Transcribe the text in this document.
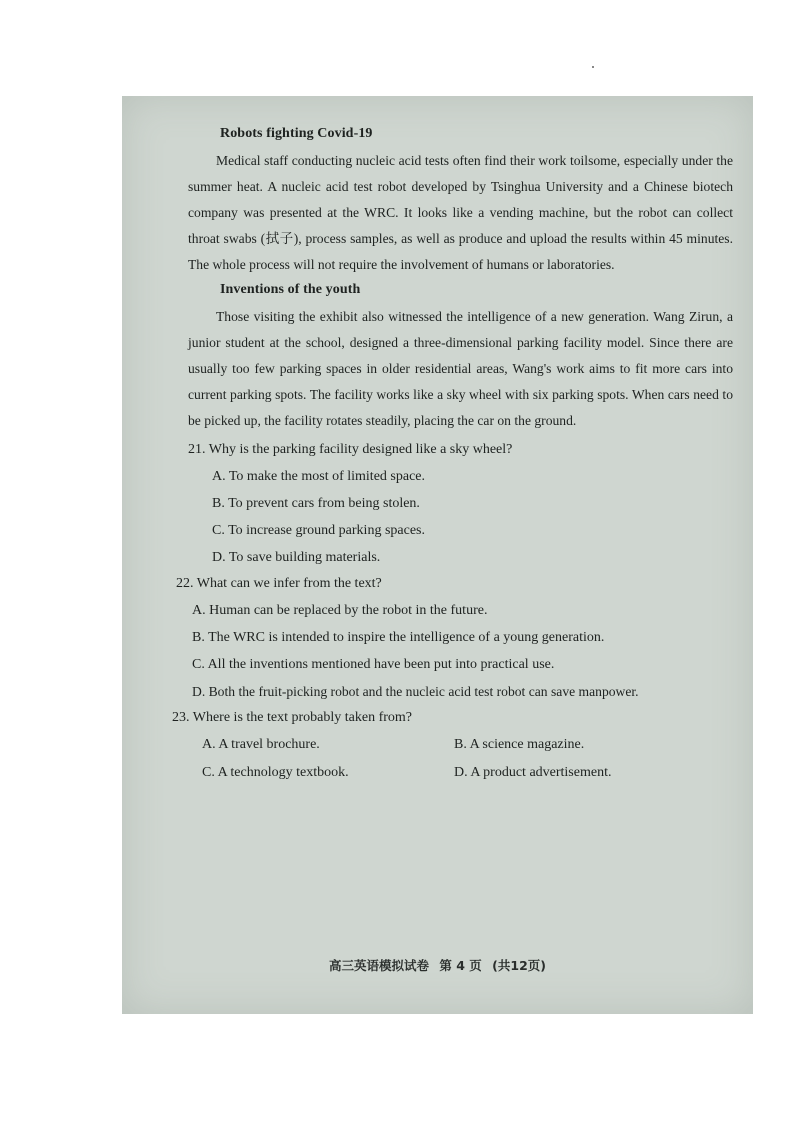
Robots fighting Covid-19

Medical staff conducting nucleic acid tests often find their work toilsome, especially under the summer heat. A nucleic acid test robot developed by Tsinghua University and a Chinese biotech company was presented at the WRC. It looks like a vending machine, but the robot can collect throat swabs (拭子), process samples, as well as produce and upload the results within 45 minutes. The whole process will not require the involvement of humans or laboratories.

Inventions of the youth

Those visiting the exhibit also witnessed the intelligence of a new generation. Wang Zirun, a junior student at the school, designed a three-dimensional parking facility model. Since there are usually too few parking spaces in older residential areas, Wang's work aims to fit more cars into current parking spots. The facility works like a sky wheel with six parking spots. When cars need to be picked up, the facility rotates steadily, placing the car on the ground.

21. Why is the parking facility designed like a sky wheel?

A. To make the most of limited space.

B. To prevent cars from being stolen.

C. To increase ground parking spaces.

D. To save building materials.

22. What can we infer from the text?

A. Human can be replaced by the robot in the future.

B. The WRC is intended to inspire the intelligence of a young generation.

C. All the inventions mentioned have been put into practical use.

D. Both the fruit-picking robot and the nucleic acid test robot can save manpower.

23. Where is the text probably taken from?

A. A travel brochure.	B. A science magazine.
C. A technology textbook.	D. A product advertisement.
高三英语模拟试卷 第 4 页 (共12页)
